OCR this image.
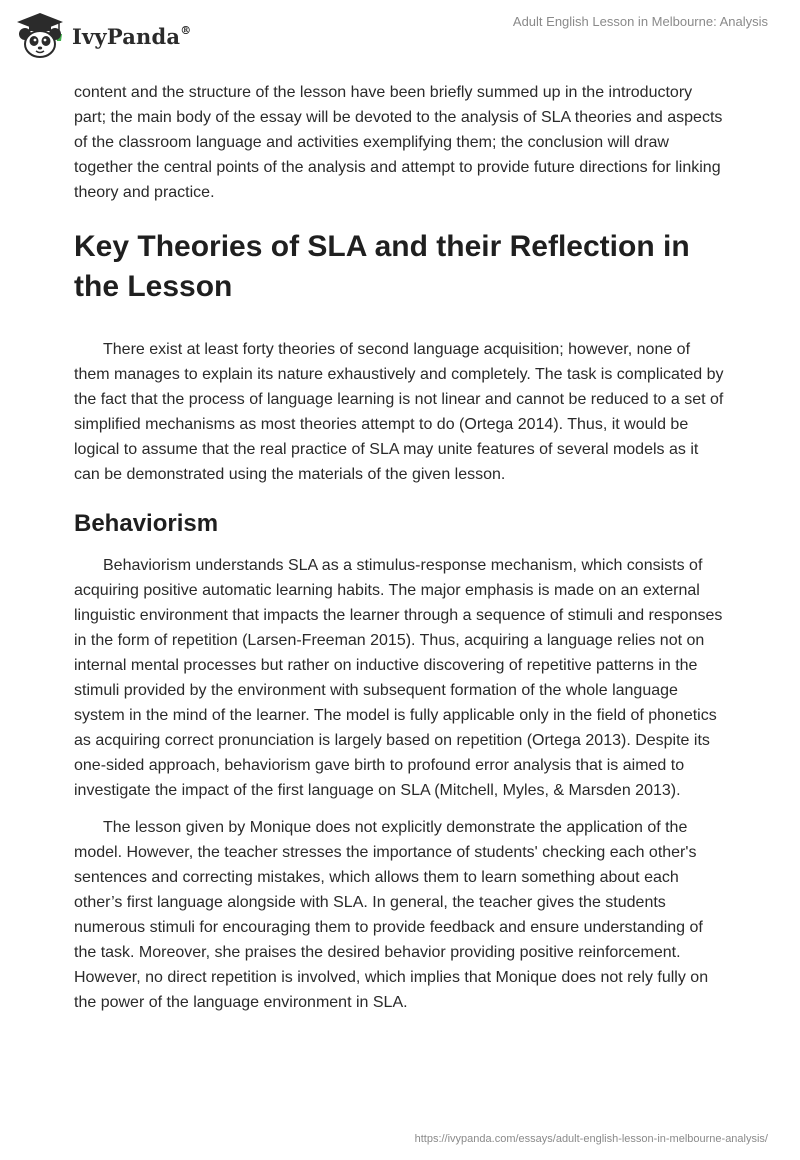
IvyPanda®
Adult English Lesson in Melbourne: Analysis

content and the structure of the lesson have been briefly summed up in the introductory part; the main body of the essay will be devoted to the analysis of SLA theories and aspects of the classroom language and activities exemplifying them; the conclusion will draw together the central points of the analysis and attempt to provide future directions for linking theory and practice.

Key Theories of SLA and their Reflection in the Lesson

There exist at least forty theories of second language acquisition; however, none of them manages to explain its nature exhaustively and completely. The task is complicated by the fact that the process of language learning is not linear and cannot be reduced to a set of simplified mechanisms as most theories attempt to do (Ortega 2014). Thus, it would be logical to assume that the real practice of SLA may unite features of several models as it can be demonstrated using the materials of the given lesson.

Behaviorism

Behaviorism understands SLA as a stimulus-response mechanism, which consists of acquiring positive automatic learning habits. The major emphasis is made on an external linguistic environment that impacts the learner through a sequence of stimuli and responses in the form of repetition (Larsen-Freeman 2015). Thus, acquiring a language relies not on internal mental processes but rather on inductive discovering of repetitive patterns in the stimuli provided by the environment with subsequent formation of the whole language system in the mind of the learner. The model is fully applicable only in the field of phonetics as acquiring correct pronunciation is largely based on repetition (Ortega 2013). Despite its one-sided approach, behaviorism gave birth to profound error analysis that is aimed to investigate the impact of the first language on SLA (Mitchell, Myles, & Marsden 2013).

The lesson given by Monique does not explicitly demonstrate the application of the model. However, the teacher stresses the importance of students' checking each other's sentences and correcting mistakes, which allows them to learn something about each other’s first language alongside with SLA. In general, the teacher gives the students numerous stimuli for encouraging them to provide feedback and ensure understanding of the task. Moreover, she praises the desired behavior providing positive reinforcement. However, no direct repetition is involved, which implies that Monique does not rely fully on the power of the language environment in SLA.

https://ivypanda.com/essays/adult-english-lesson-in-melbourne-analysis/
